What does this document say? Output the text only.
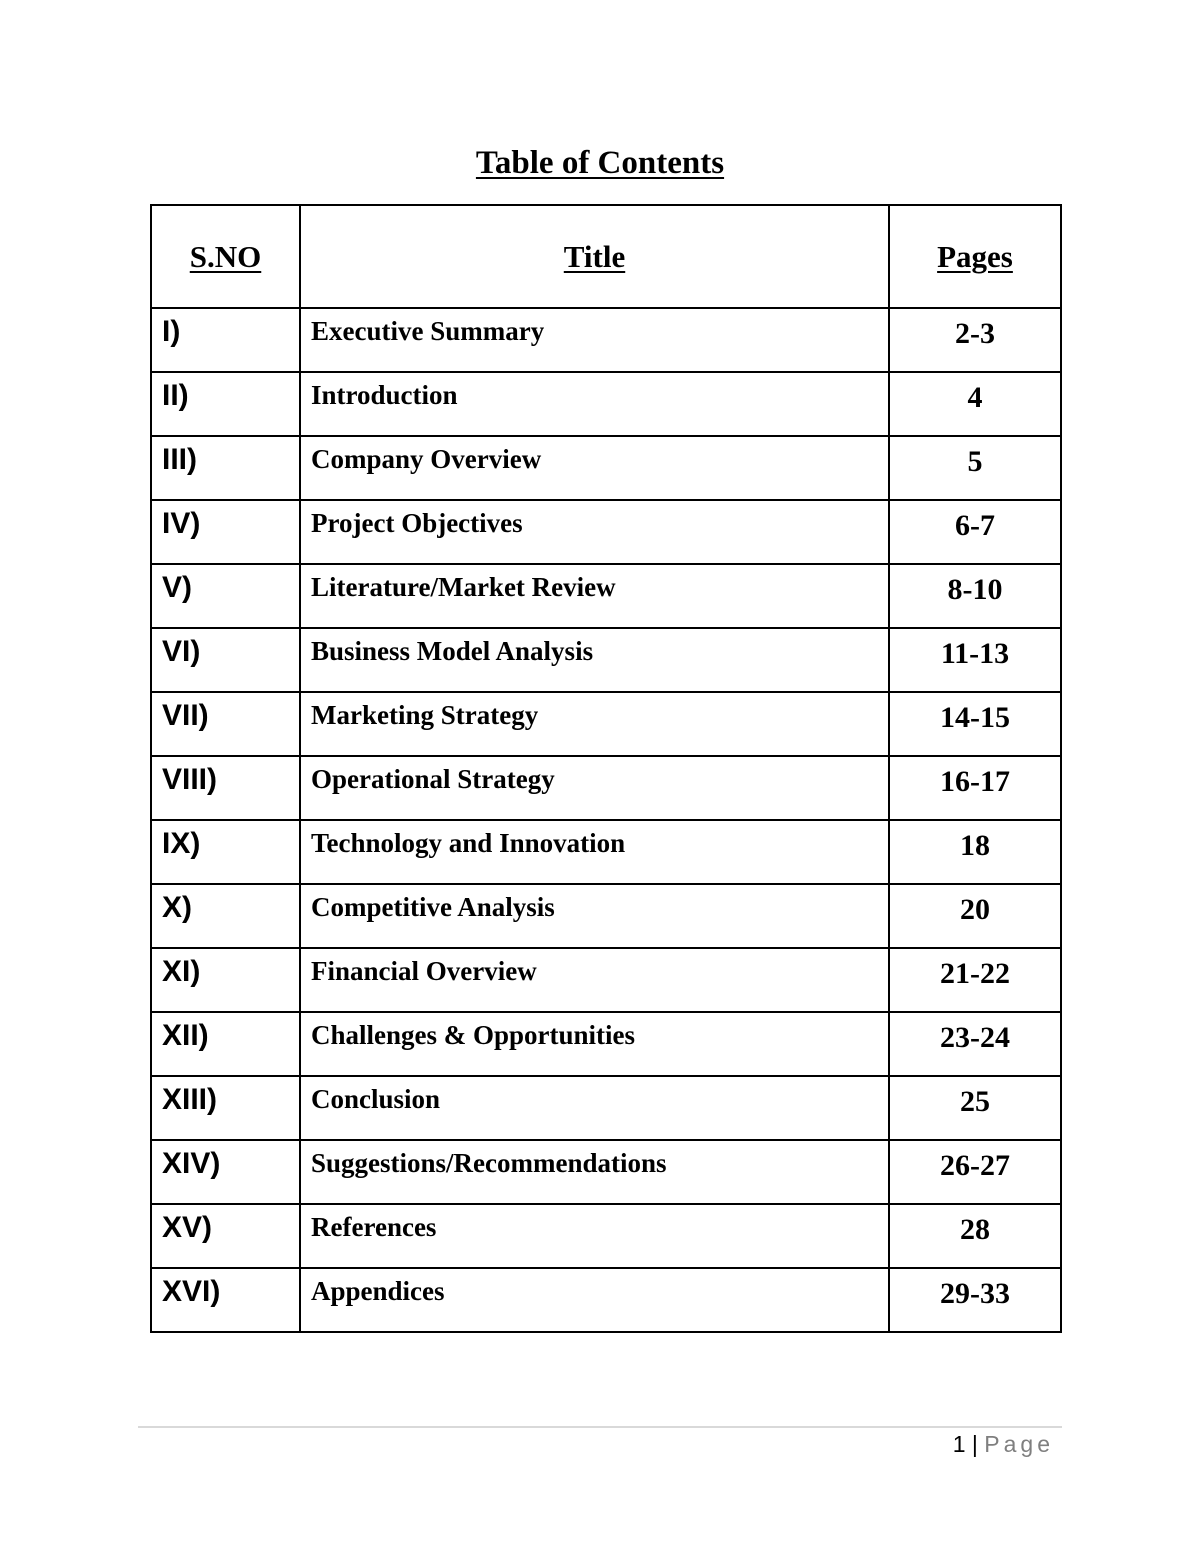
Table of Contents
S.NO	Title	Pages
I)	Executive Summary	2-3
II)	Introduction	4
III)	Company Overview	5
IV)	Project Objectives	6-7
V)	Literature/Market Review	8-10
VI)	Business Model Analysis	11-13
VII)	Marketing Strategy	14-15
VIII)	Operational Strategy	16-17
IX)	Technology and Innovation	18
X)	Competitive Analysis	20
XI)	Financial Overview	21-22
XII)	Challenges & Opportunities	23-24
XIII)	Conclusion	25
XIV)	Suggestions/Recommendations	26-27
XV)	References	28
XVI)	Appendices	29-33
1 | Page
